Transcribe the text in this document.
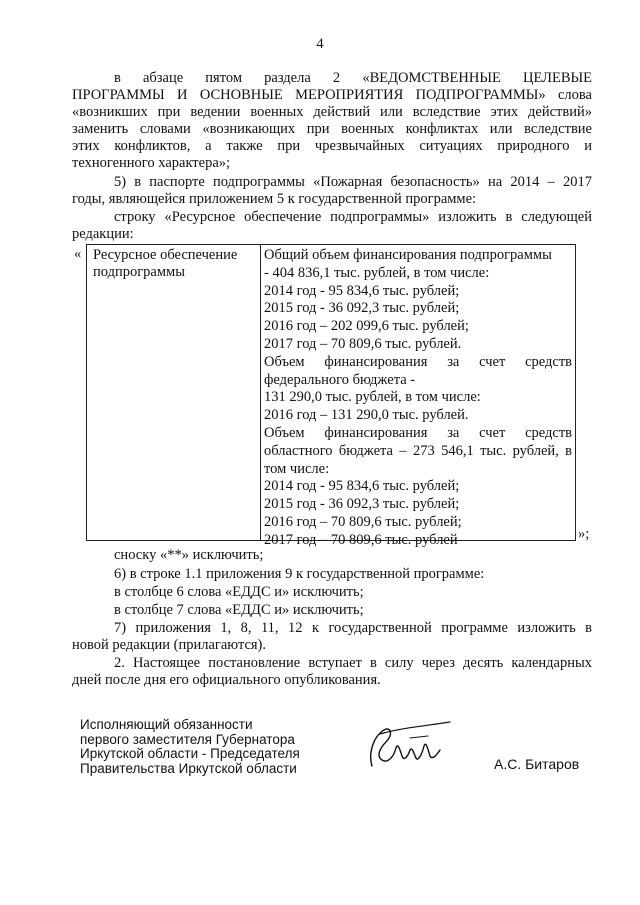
4
в абзаце пятом раздела 2 «ВЕДОМСТВЕННЫЕ ЦЕЛЕВЫЕ
ПРОГРАММЫ И ОСНОВНЫЕ МЕРОПРИЯТИЯ ПОДПРОГРАММЫ» слова
«возникших при ведении военных действий или вследствие этих действий»
заменить словами «возникающих при военных конфликтах или вследствие
этих конфликтов, а также при чрезвычайных ситуациях природного и
техногенного характера»;
5) в паспорте подпрограммы «Пожарная безопасность» на 2014 – 2017
годы, являющейся приложением 5 к государственной программе:
строку «Ресурсное обеспечение подпрограммы» изложить в следующей
редакции:
« Ресурсное обеспечение
подпрограммы
Общий объем финансирования подпрограммы
- 404 836,1 тыс. рублей, в том числе:
2014 год - 95 834,6 тыс. рублей;
2015 год - 36 092,3 тыс. рублей;
2016 год – 202 099,6 тыс. рублей;
2017 год – 70 809,6 тыс. рублей.
Объем финансирования за счет средств
федерального бюджета -
131 290,0 тыс. рублей, в том числе:
2016 год – 131 290,0 тыс. рублей.
Объем финансирования за счет средств
областного бюджета – 273 546,1 тыс. рублей, в
том числе:
2014 год - 95 834,6 тыс. рублей;
2015 год - 36 092,3 тыс. рублей;
2016 год – 70 809,6 тыс. рублей;
2017 год – 70 809,6 тыс. рублей	»;
сноску «**» исключить;
6) в строке 1.1 приложения 9 к государственной программе:
в столбце 6 слова «ЕДДС и» исключить;
в столбце 7 слова «ЕДДС и» исключить;
7) приложения 1, 8, 11, 12 к государственной программе изложить в
новой редакции (прилагаются).
2. Настоящее постановление вступает в силу через десять календарных
дней после дня его официального опубликования.
Исполняющий обязанности
первого заместителя Губернатора
Иркутской области - Председателя
Правительства Иркутской области	А.С. Битаров
